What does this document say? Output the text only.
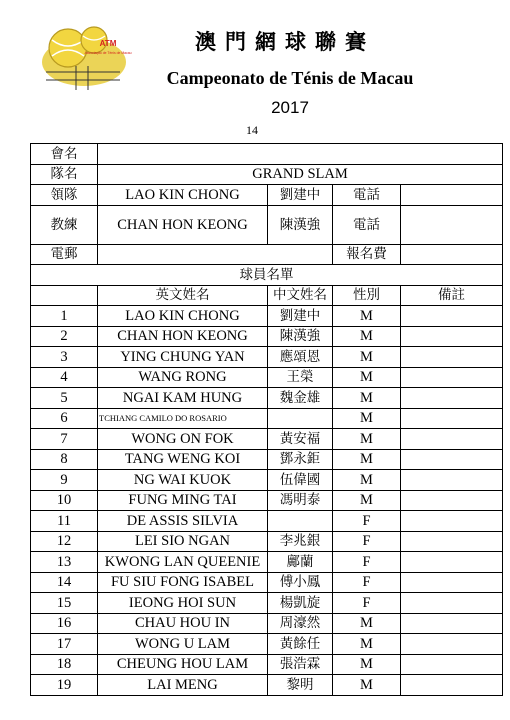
ATM
Associação de Ténis de Macau	澳門網球聯賽
Campeonato de Ténis de Macau
2017
14
會名				
隊名	GRAND SLAM			
領隊	LAO KIN CHONG	劉建中	電話	
教練	CHAN HON KEONG	陳漢強	電話	
電郵			報名費	
球員名單				
	英文姓名	中文姓名	性別	備註
1	LAO KIN CHONG	劉建中	M	
2	CHAN HON KEONG	陳漢強	M	
3	YING CHUNG YAN	應頌恩	M	
4	WANG RONG	王榮	M	
5	NGAI KAM HUNG	魏金雄	M	
6	TCHIANG CAMILO DO ROSARIO		M	
7	WONG ON FOK	黃安福	M	
8	TANG WENG KOI	鄧永鉅	M	
9	NG WAI KUOK	伍偉國	M	
10	FUNG MING TAI	馮明泰	M	
11	DE ASSIS SILVIA		F	
12	LEI SIO NGAN	李兆銀	F	
13	KWONG LAN QUEENIE	鄺蘭	F	
14	FU SIU FONG ISABEL	傅小鳳	F	
15	IEONG HOI SUN	楊凱旋	F	
16	CHAU HOU IN	周濠然	M	
17	WONG U LAM	黃餘任	M	
18	CHEUNG HOU LAM	張浩霖	M	
19	LAI MENG	黎明	M	
